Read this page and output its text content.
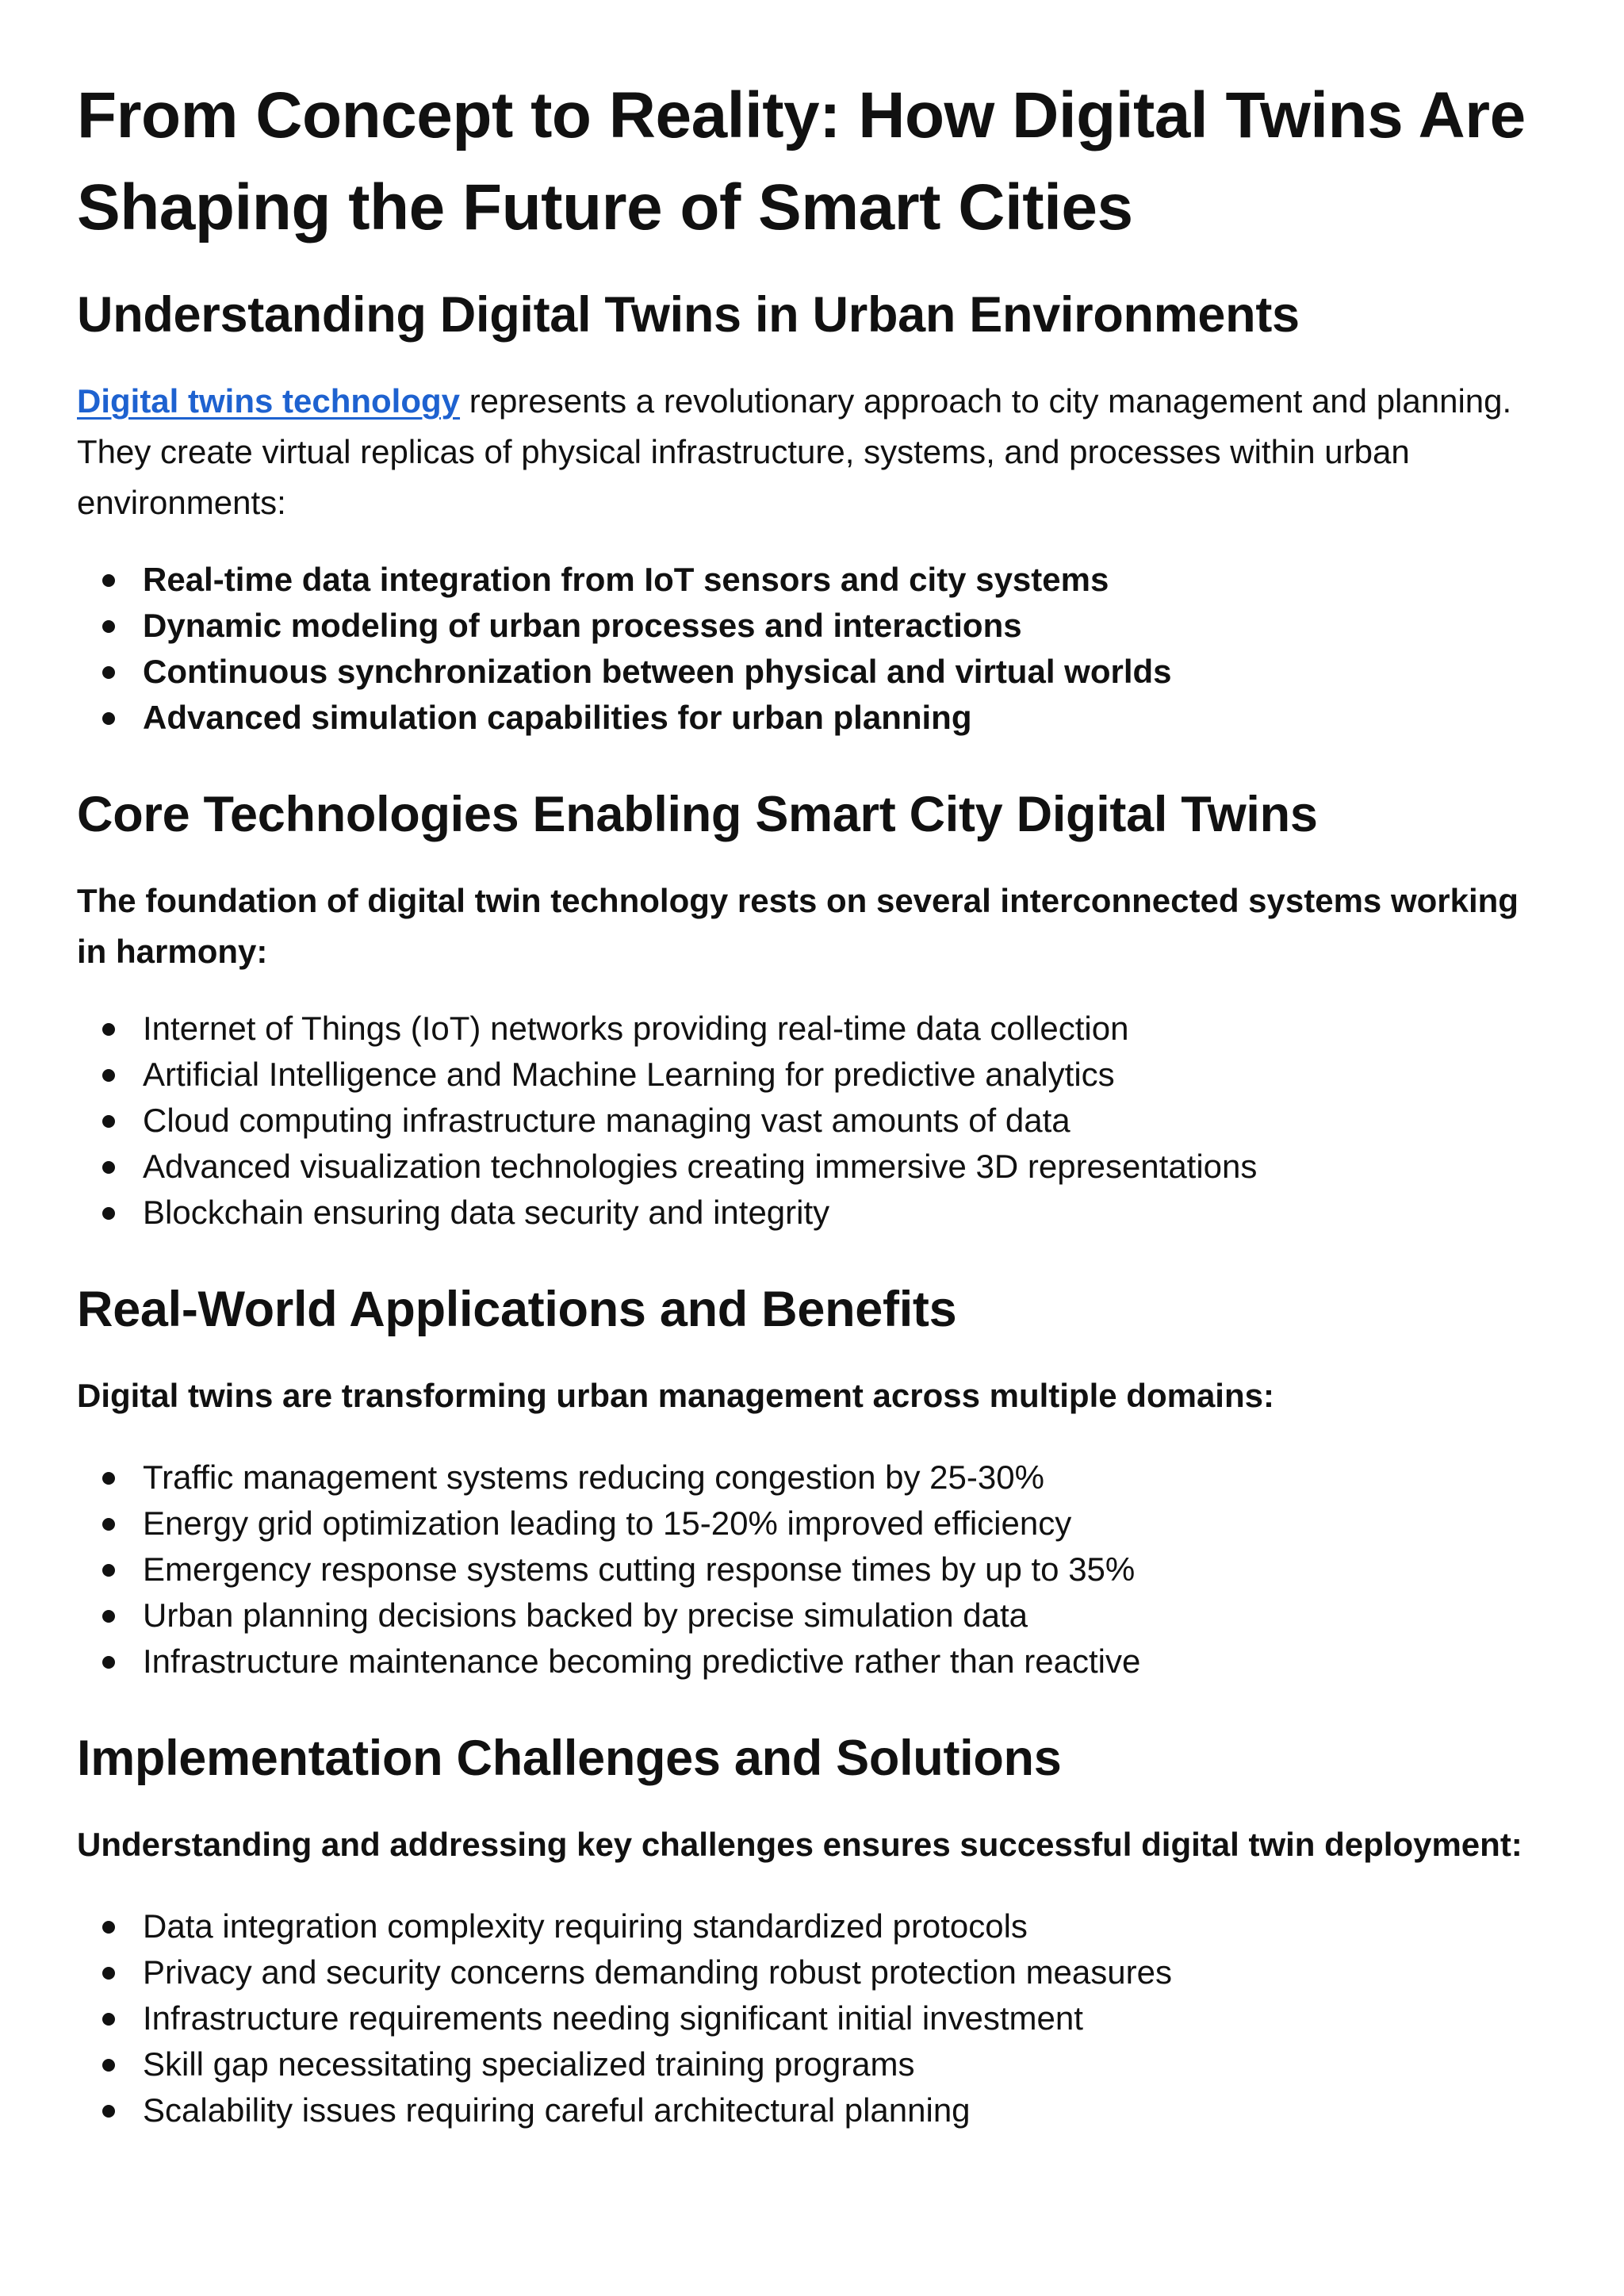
From Concept to Reality: How Digital Twins Are Shaping the Future of Smart Cities
Understanding Digital Twins in Urban Environments

Digital twins technology represents a revolutionary approach to city management and planning. They create virtual replicas of physical infrastructure, systems, and processes within urban environments:

Real-time data integration from IoT sensors and city systems
Dynamic modeling of urban processes and interactions
Continuous synchronization between physical and virtual worlds
Advanced simulation capabilities for urban planning
Core Technologies Enabling Smart City Digital Twins

The foundation of digital twin technology rests on several interconnected systems working in harmony:

Internet of Things (IoT) networks providing real-time data collection
Artificial Intelligence and Machine Learning for predictive analytics
Cloud computing infrastructure managing vast amounts of data
Advanced visualization technologies creating immersive 3D representations
Blockchain ensuring data security and integrity
Real-World Applications and Benefits

Digital twins are transforming urban management across multiple domains:

Traffic management systems reducing congestion by 25-30%
Energy grid optimization leading to 15-20% improved efficiency
Emergency response systems cutting response times by up to 35%
Urban planning decisions backed by precise simulation data
Infrastructure maintenance becoming predictive rather than reactive
Implementation Challenges and Solutions

Understanding and addressing key challenges ensures successful digital twin deployment:

Data integration complexity requiring standardized protocols
Privacy and security concerns demanding robust protection measures
Infrastructure requirements needing significant initial investment
Skill gap necessitating specialized training programs
Scalability issues requiring careful architectural planning
